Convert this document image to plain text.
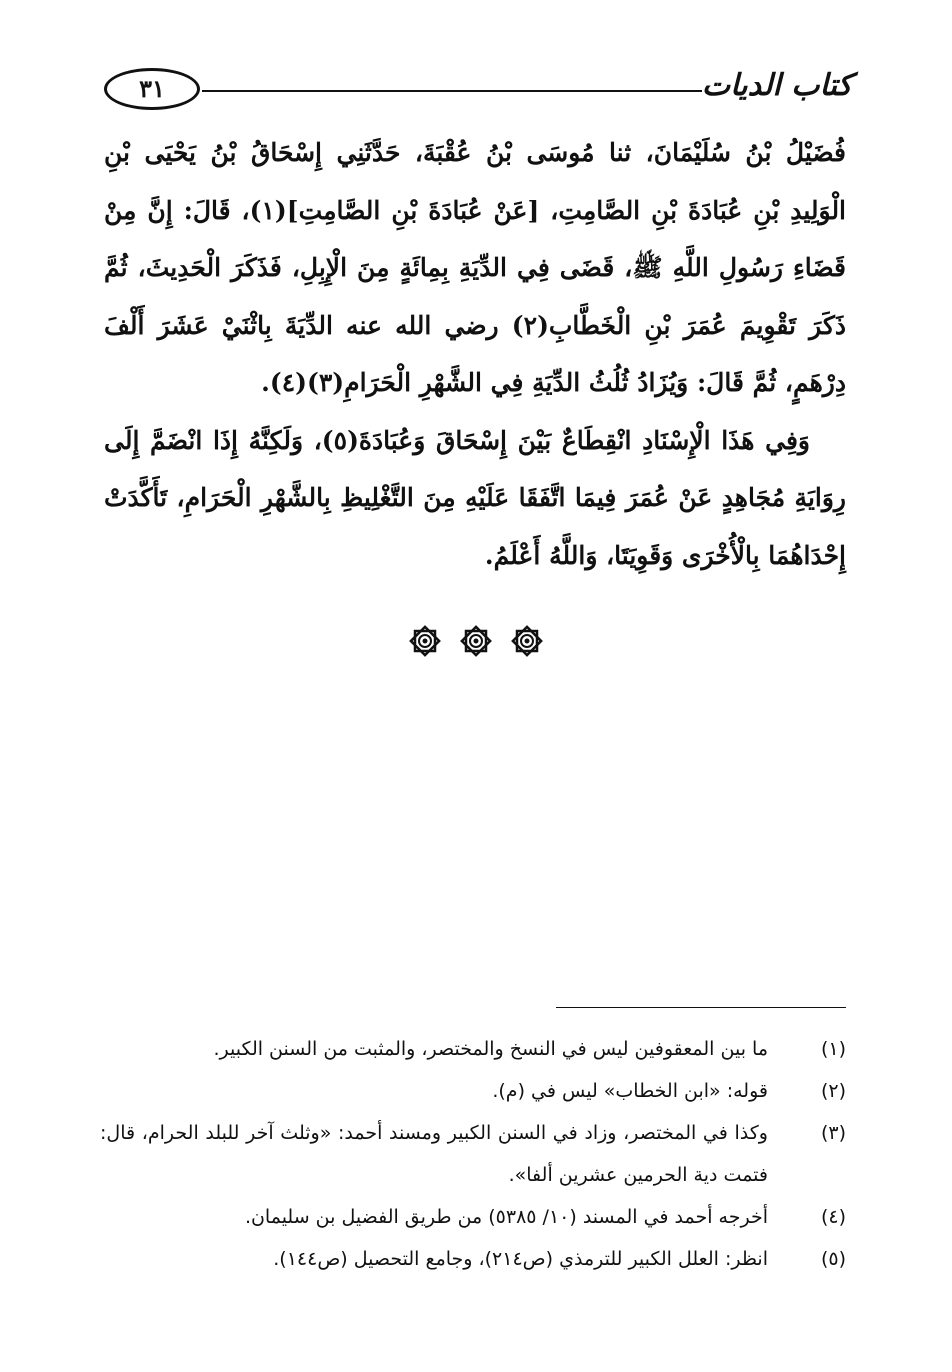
كتاب الديات
٣١

فُضَيْلُ بْنُ سُلَيْمَانَ، ثنا مُوسَى بْنُ عُقْبَةَ، حَدَّثَنِي إِسْحَاقُ بْنُ يَحْيَى بْنِ الْوَلِيدِ بْنِ عُبَادَةَ بْنِ الصَّامِتِ، [عَنْ عُبَادَةَ بْنِ الصَّامِتِ](١)، قَالَ: إِنَّ مِنْ قَضَاءِ رَسُولِ اللَّهِ ﷺ، قَضَى فِي الدِّيَةِ بِمِائَةٍ مِنَ الْإِبِلِ، فَذَكَرَ الْحَدِيثَ، ثُمَّ ذَكَرَ تَقْوِيمَ عُمَرَ بْنِ الْخَطَّابِ(٢) رضي الله عنه الدِّيَةَ بِاثْنَيْ عَشَرَ أَلْفَ دِرْهَمٍ، ثُمَّ قَالَ: وَيُزَادُ ثُلُثُ الدِّيَةِ فِي الشَّهْرِ الْحَرَامِ(٣)(٤).

وَفِي هَذَا الْإِسْنَادِ انْقِطَاعٌ بَيْنَ إِسْحَاقَ وَعُبَادَةَ(٥)، وَلَكِنَّهُ إِذَا انْضَمَّ إِلَى رِوَايَةِ مُجَاهِدٍ عَنْ عُمَرَ فِيمَا اتَّفَقَا عَلَيْهِ مِنَ التَّغْلِيظِ بِالشَّهْرِ الْحَرَامِ، تَأَكَّدَتْ إِحْدَاهُمَا بِالْأُخْرَى وَقَوِيَتَا، وَاللَّهُ أَعْلَمُ.

(١)
ما بين المعقوفين ليس في النسخ والمختصر، والمثبت من السنن الكبير.
(٢)
قوله: «ابن الخطاب» ليس في (م).
(٣)
وكذا في المختصر، وزاد في السنن الكبير ومسند أحمد: «وثلث آخر للبلد الحرام، قال: فتمت دية الحرمين عشرين ألفا».
(٤)
أخرجه أحمد في المسند (١٠/ ٥٣٨٥) من طريق الفضيل بن سليمان.
(٥)
انظر: العلل الكبير للترمذي (ص٢١٤)، وجامع التحصيل (ص١٤٤).
